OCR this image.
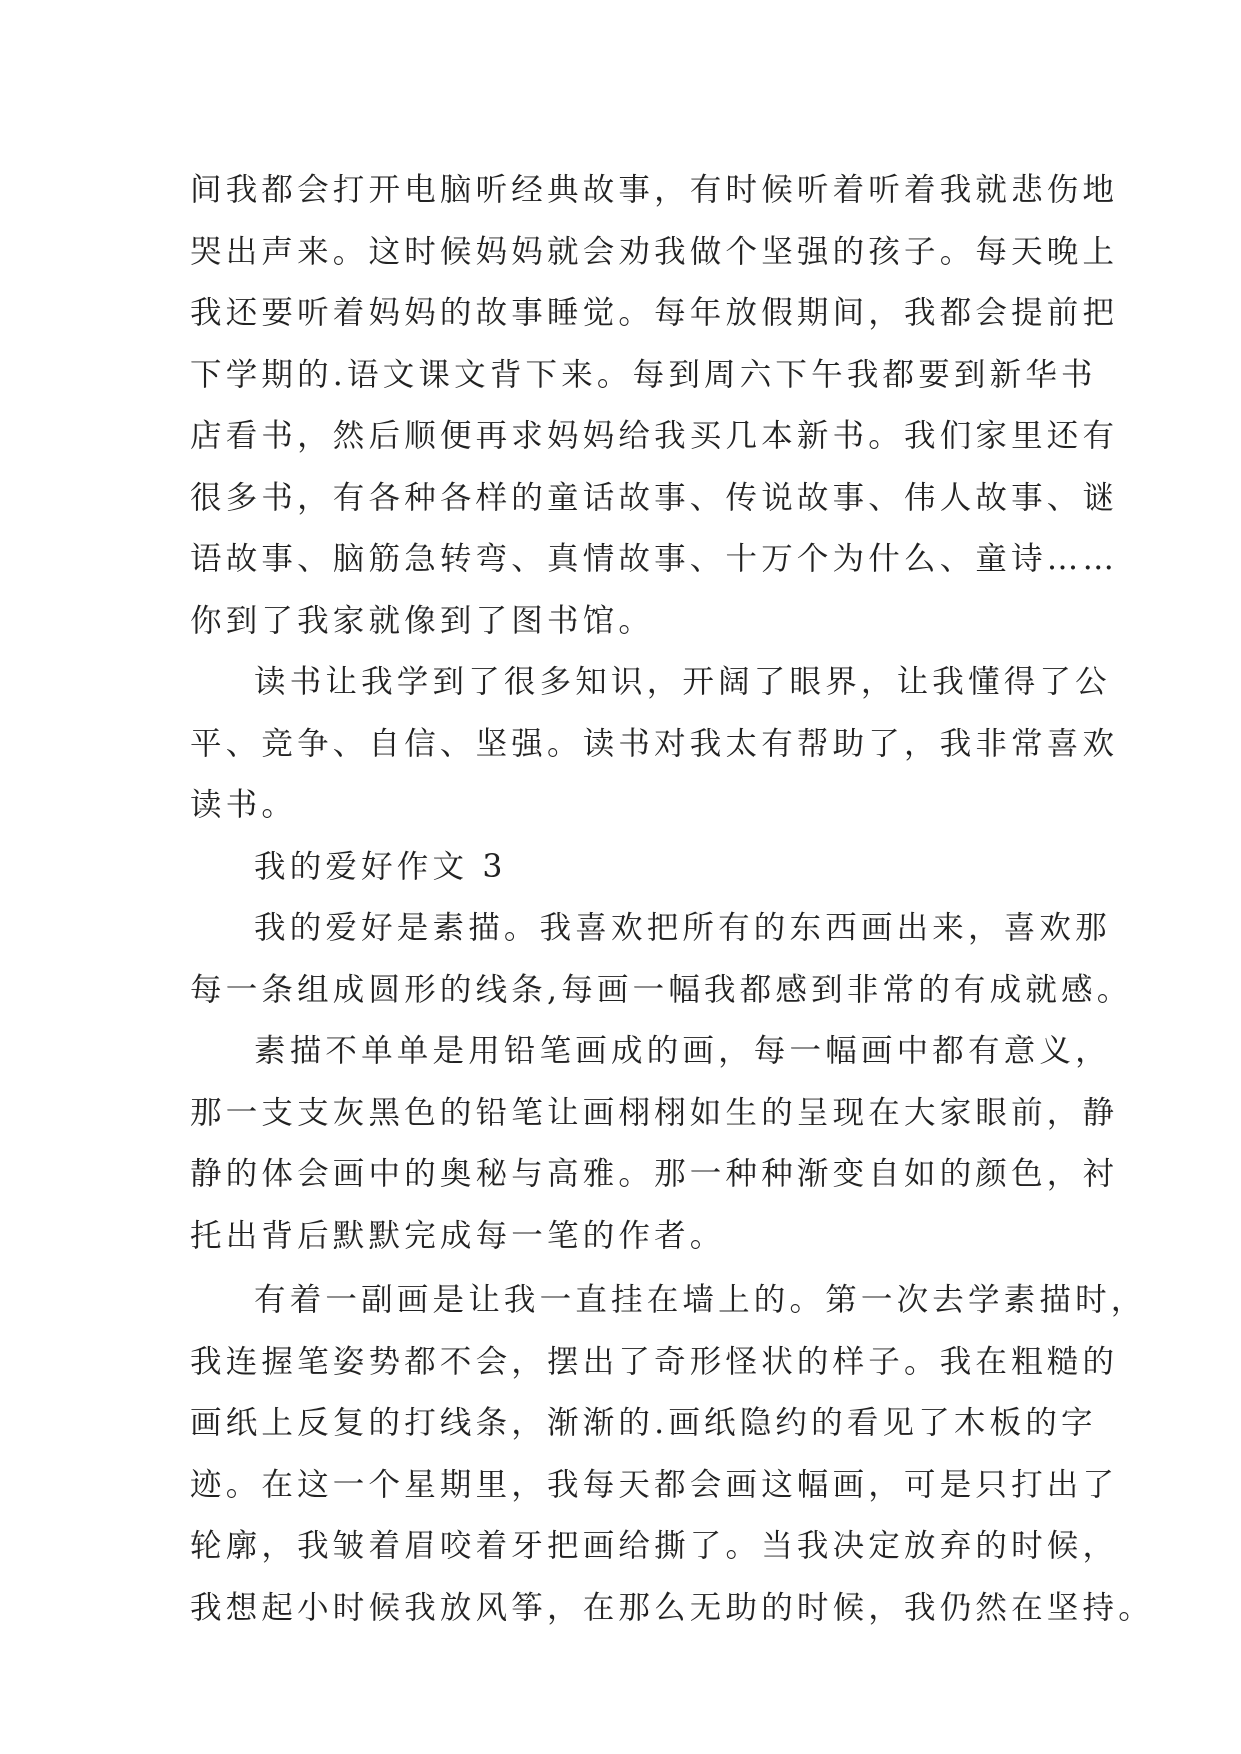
间我都会打开电脑听经典故事，有时候听着听着我就悲伤地
哭出声来。这时候妈妈就会劝我做个坚强的孩子。每天晚上
我还要听着妈妈的故事睡觉。每年放假期间，我都会提前把
下学期的.语文课文背下来。每到周六下午我都要到新华书
店看书，然后顺便再求妈妈给我买几本新书。我们家里还有
很多书，有各种各样的童话故事、传说故事、伟人故事、谜
语故事、脑筋急转弯、真情故事、十万个为什么、童诗……
你到了我家就像到了图书馆。
读书让我学到了很多知识，开阔了眼界，让我懂得了公
平、竞争、自信、坚强。读书对我太有帮助了，我非常喜欢
读书。
我的爱好作文 3
我的爱好是素描。我喜欢把所有的东西画出来，喜欢那
每一条组成圆形的线条,每画一幅我都感到非常的有成就感。
素描不单单是用铅笔画成的画，每一幅画中都有意义，
那一支支灰黑色的铅笔让画栩栩如生的呈现在大家眼前，静
静的体会画中的奥秘与高雅。那一种种渐变自如的颜色，衬
托出背后默默完成每一笔的作者。
有着一副画是让我一直挂在墙上的。第一次去学素描时，
我连握笔姿势都不会，摆出了奇形怪状的样子。我在粗糙的
画纸上反复的打线条，渐渐的.画纸隐约的看见了木板的字
迹。在这一个星期里，我每天都会画这幅画，可是只打出了
轮廓，我皱着眉咬着牙把画给撕了。当我决定放弃的时候，
我想起小时候我放风筝，在那么无助的时候，我仍然在坚持。
